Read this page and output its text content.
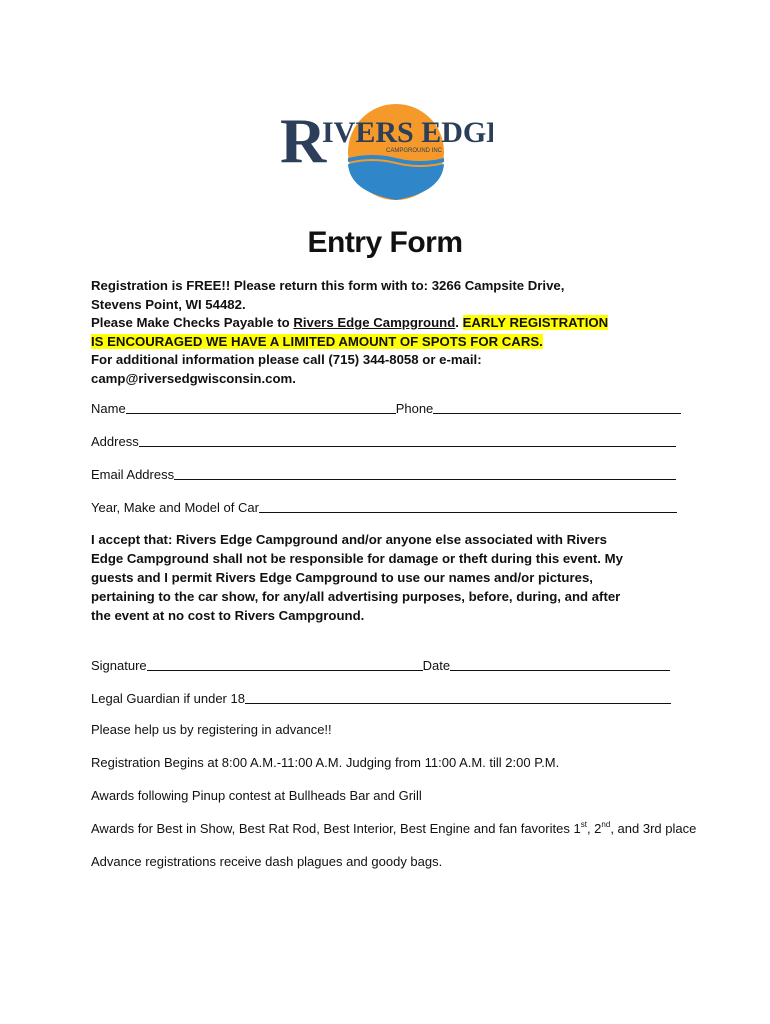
R
IVERS EDGE
CAMPGROUND INC
Entry Form
Registration is FREE!! Please return this form with to: 3266 Campsite Drive,
Stevens Point, WI 54482.
Please Make Checks Payable to Rivers Edge Campground. EARLY REGISTRATION
IS ENCOURAGED WE HAVE A LIMITED AMOUNT OF SPOTS FOR CARS.
For additional information please call (715) 344-8058 or e-mail:
camp@riversedgwisconsin.com.
Name	Phone
Address
Email Address
Year, Make and Model of Car
I accept that: Rivers Edge Campground and/or anyone else associated with Rivers
Edge Campground shall not be responsible for damage or theft during this event. My
guests and I permit Rivers Edge Campground to use our names and/or pictures,
pertaining to the car show, for any/all advertising purposes, before, during, and after
the event at no cost to Rivers Campground.
Signature	Date
Legal Guardian if under 18
Please help us by registering in advance!!
Registration Begins at 8:00 A.M.-11:00 A.M. Judging from 11:00 A.M. till 2:00 P.M.
Awards following Pinup contest at Bullheads Bar and Grill
Awards for Best in Show, Best Rat Rod, Best Interior, Best Engine and fan favorites 1st, 2nd, and 3rd place
Advance registrations receive dash plagues and goody bags.
